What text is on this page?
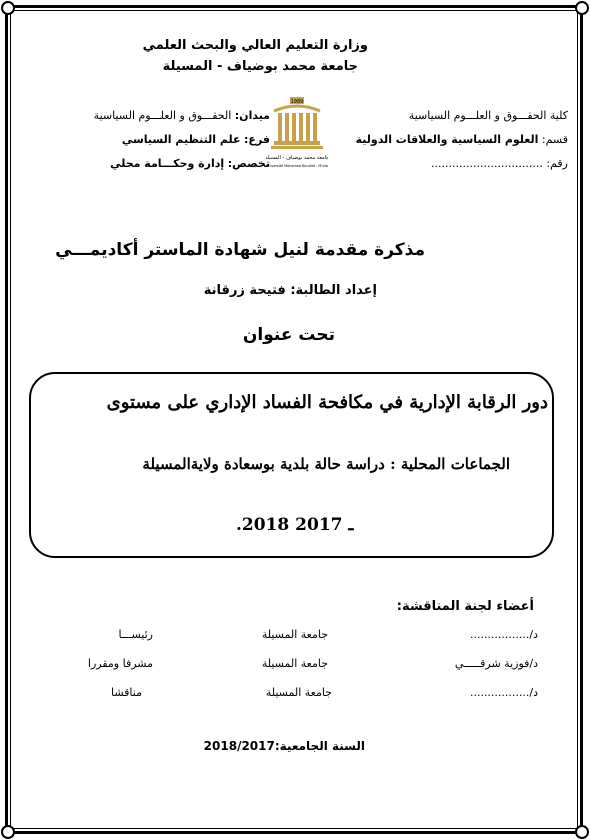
وزارة التعليم العالي والبحث العلمي
جامعة محمد بوضياف - المسيلة
كلية الحقـــوق و العلـــوم السياسية
قسم: العلوم السياسية والعلاقات الدولية
رقم: ................................
ميدان: الحقـــوق و العلـــوم السياسية
فرع: علم التنظيم السياسي
تخصص: إدارة وحكـــامة محلي
1989
جامعة محمد بوضياف - المسيلة
Université Mohamed Boudiaf - M'sila
مذكرة مقدمة لنيل شهادة الماستر أكاديمـــي
إعداد الطالبة: فتيحة زرقانة
تحت عنوان
دور الرقابة الإدارية في مكافحة الفساد الإداري على مستوى
الجماعات المحلية : دراسة حالة بلدية بوسعادة ولايةالمسيلة
.2018 ـ 2017
أعضاء لجنة المناقشة:
د/.................
جامعة المسيلة
رئيســـا
د/فوزية شرقـــــي
جامعة المسيلة
مشرفا ومقررا
د/.................
جامعة المسيلة
مناقشا
السنة الجامعية:2018/2017
